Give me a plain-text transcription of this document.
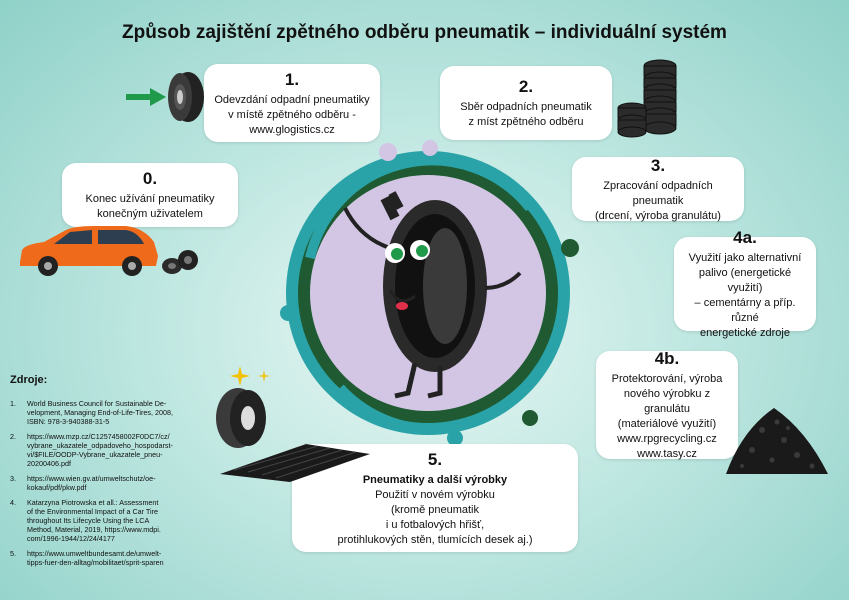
Způsob zajištění zpětného odběru pneumatik – individuální systém
0.
Konec užívání pneumatiky
konečným uživatelem
1.
Odevzdání odpadní pneumatiky
v místě zpětného odběru -
www.glogistics.cz
2.
Sběr odpadních pneumatik
z míst zpětného odběru
3.
Zpracování odpadních pneumatik
(drcení, výroba granulátu)
4a.
Využití jako alternativní
palivo (energetické využití)
– cementárny a příp. různé
energetické zdroje
4b.
Protektorování, výroba
nového výrobku z granulátu
(materiálové využití)
www.rpgrecycling.cz
www.tasy.cz
5.
Pneumatiky a další výrobky
Použití v novém výrobku
(kromě pneumatik
i u fotbalových hřišť,
protihlukových stěn, tlumících desek aj.)
Zdroje:
1. World Business Council for Sustainable De-
velopment, Managing End-of-Life-Tires, 2008,
ISBN: 978-3-940388-31-5
2. https://www.mzp.cz/C1257458002F0DC7/cz/
vybrane_ukazatele_odpadoveho_hospodarst-
vi/$FILE/OODP-Vybrane_ukazatele_pneu-
20200406.pdf
3. https://www.wien.gv.at/umweltschutz/oe-
kokauf/pdf/pkw.pdf
4. Katarzyna Piotrowska et all.: Assessment
of the Environmental Impact of a Car Tire
throughout Its Lifecycle Using the LCA
Method, Material, 2019, https://www.mdpi.
com/1996-1944/12/24/4177
5. https://www.umweltbundesamt.de/umwelt-
tipps-fuer-den-alltag/mobilitaet/sprit-sparen
